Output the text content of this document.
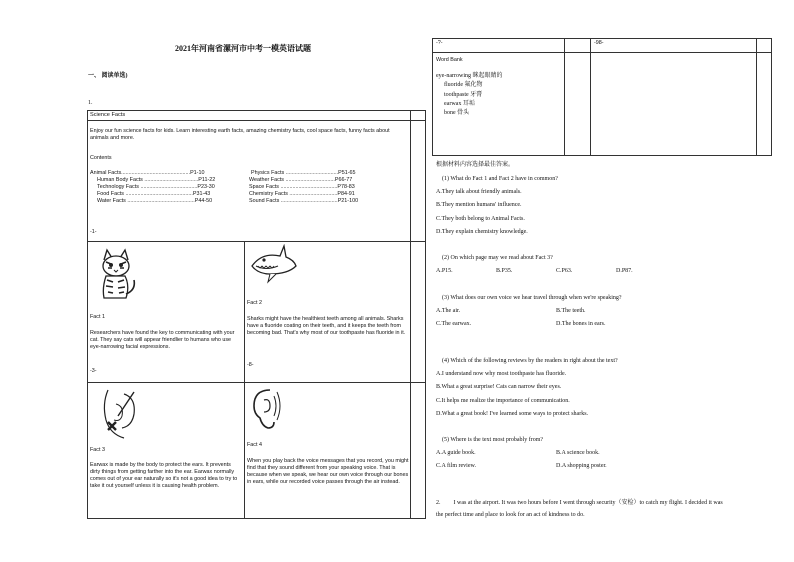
2021年河南省漯河市中考一模英语试题
一、 阅读单选)
1.
Science Facts
Enjoy our fun science facts for kids. Learn interesting earth facts, amazing chemistry facts, cool space facts, funny facts about animals and more.
Contents
Animal Facts..............................................P1-10
Human Body Facts ....................................P11-22
Technology Facts ......................................P23-30
Food Facts .............................................P31-43
Water Facts .............................................P44-50
Physics Facts ...................................P51-65
Weather Facts .................................P66-77
Space Facts ......................................P78-83
Chemistry Facts ................................P84-91
Sound Facts ......................................P21-100
-1-
Fact 1
Researchers have found the key to communicating with your cat. They say cats will appear friendlier to humans who use eye-narrowing facial expressions.
-3-
Fact 2
Sharks might have the healthiest teeth among all animals. Sharks have a fluoride coating on their teeth, and it keeps the teeth from becoming bad. That's why most of our toothpaste has fluoride in it.
-8-
Fact 3
Earwax is made by the body to protect the ears. It prevents dirty things from getting farther into the ear. Earwax normally comes out of your ear naturally so it's not a good idea to try to take it out yourself unless it is causing health problem.
Fact 4
When you play back the voice messages that you record, you might find that they sound different from your speaking voice. That is because when we speak, we hear our own voice through our bones in ears, while our recorded voice passes through the air instead.
-?-	-98-
Word Bank
eye-narrowing 眯起眼睛的
fluoride 氟化物
toothpaste 牙膏
earwax 耳垢
bone 骨头
根据材料内容选择最佳答案。
(1) What do Fact 1 and Fact 2 have in common?
A.They talk about friendly animals.
B.They mention humans' influence.
C.They both belong to Animal Facts.
D.They explain chemistry knowledge.
(2) On which page may we read about Fact 3?
A.P15.	B.P35.	C.P63.	D.P87.
(3) What does our own voice we hear travel through when we're speaking?
A.The air.	B.The teeth.
C.The earwax.	D.The bones in ears.
(4) Which of the following reviews by the readers in right about the text?
A.I understand now why most toothpaste has fluoride.
B.What a great surprise! Cats can narrow their eyes.
C.It helps me realize the importance of communication.
D.What a great book! I've learned some ways to protect sharks.
(5) Where is the text most probably from?
A.A guide book.	B.A science book.
C.A film review.	D.A shopping poster.
2. I was at the airport. It was two hours before I went through security（安检）to catch my flight. I decided it was
the perfect time and place to look for an act of kindness to do.
